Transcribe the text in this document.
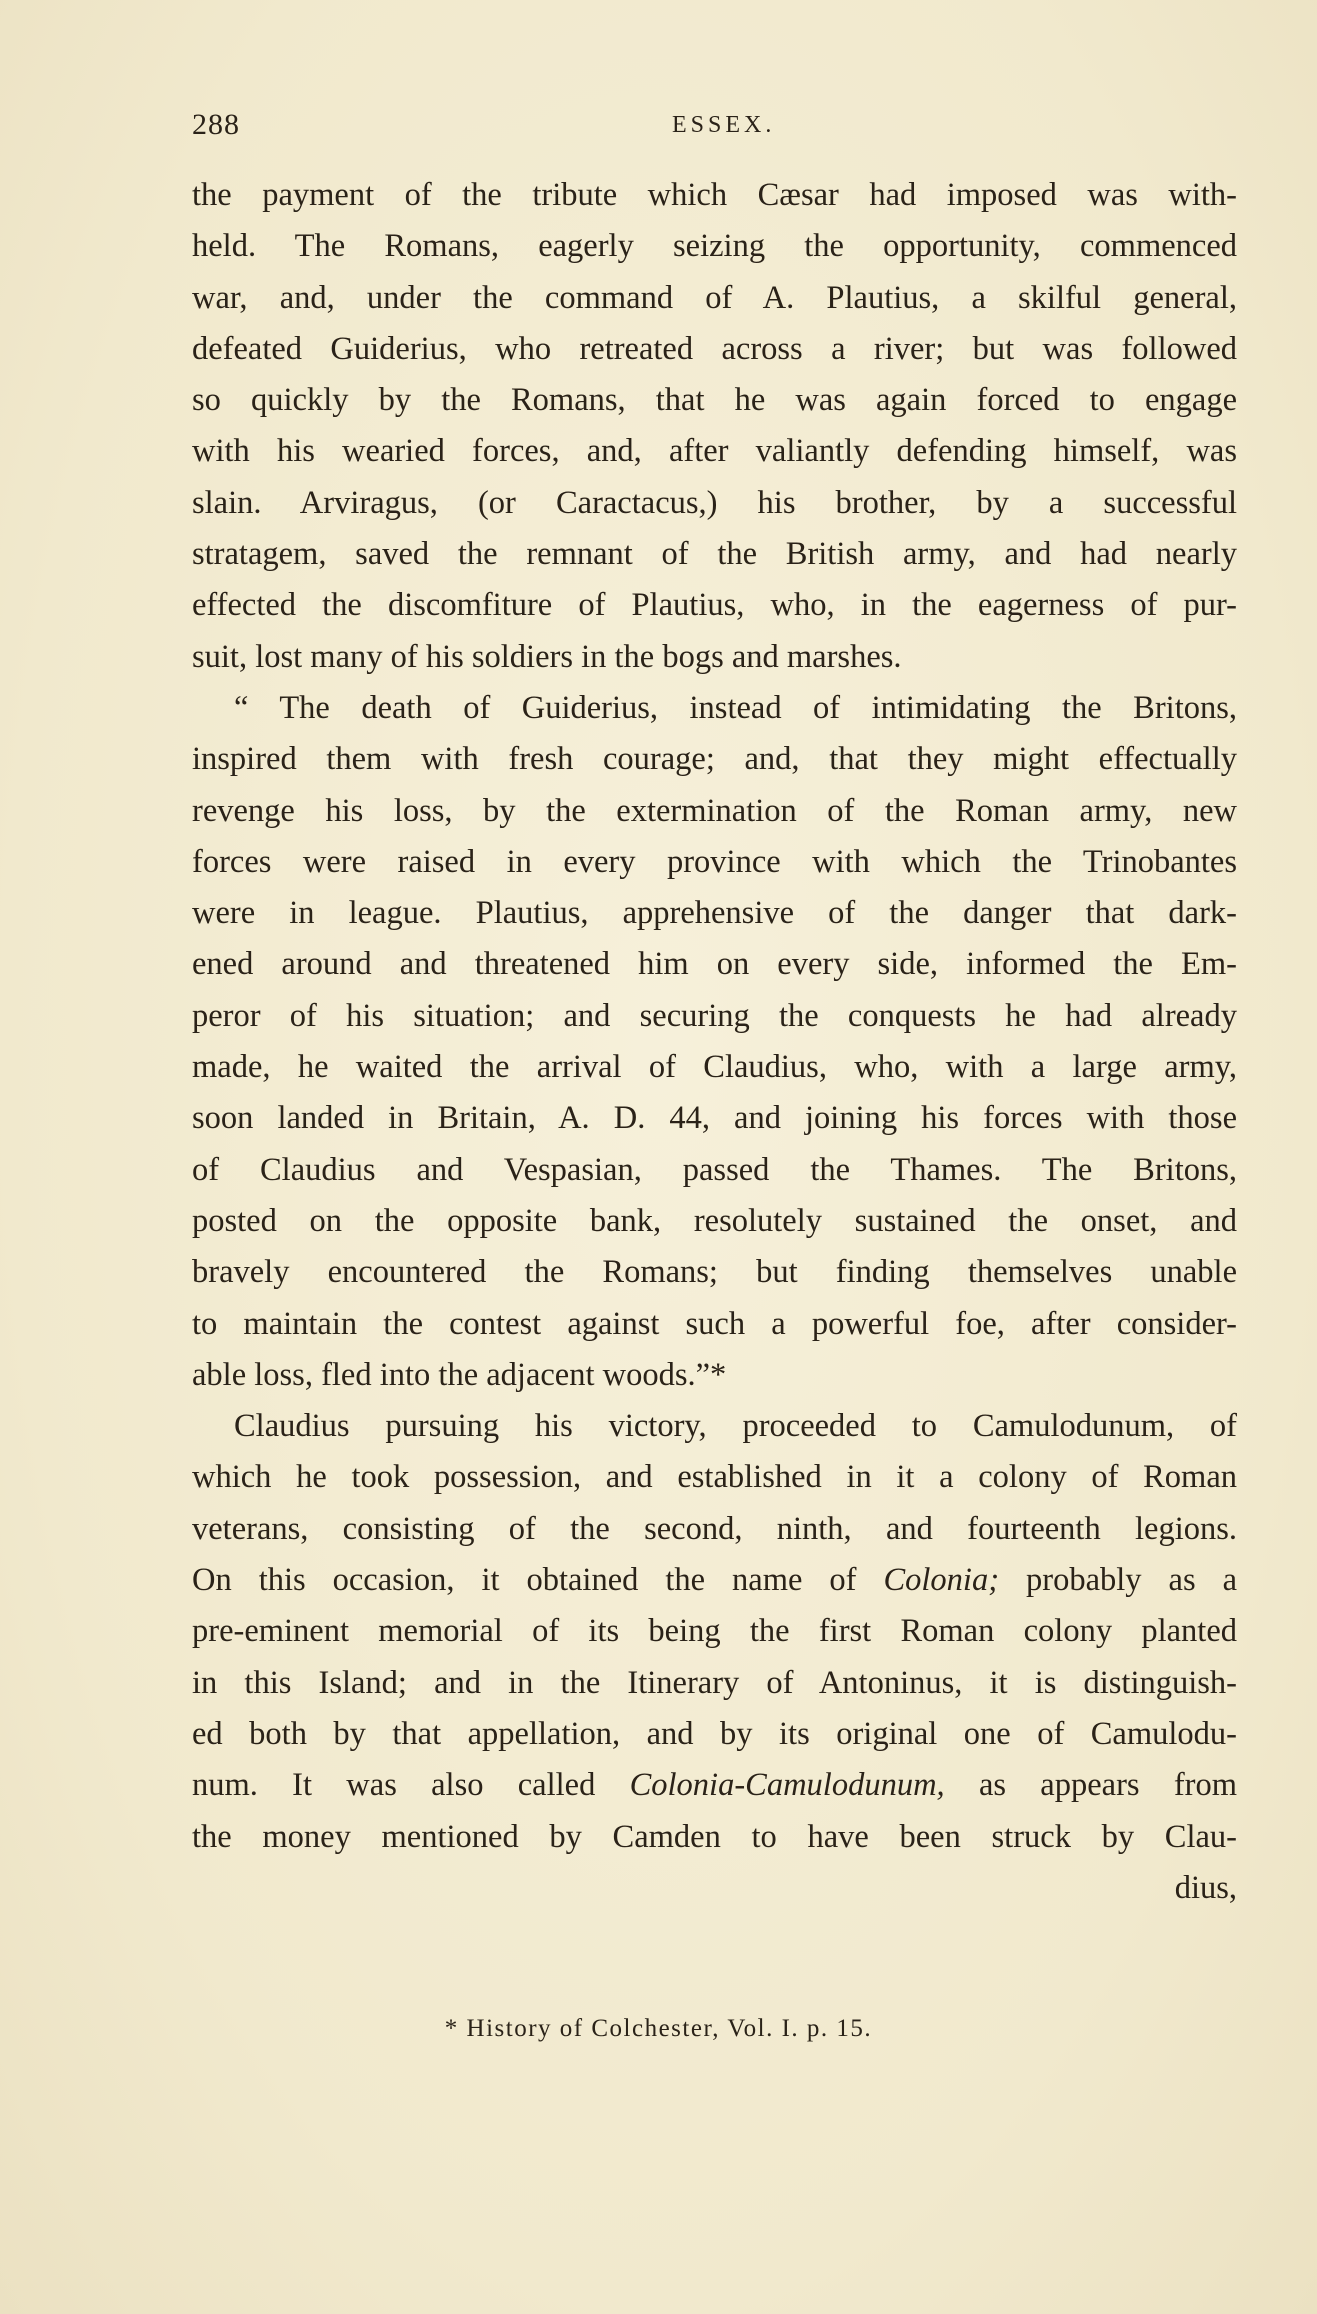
288	ESSEX.
the payment of the tribute which Cæsar had imposed was with-
held. The Romans, eagerly seizing the opportunity, commenced
war, and, under the command of A. Plautius, a skilful general,
defeated Guiderius, who retreated across a river; but was followed
so quickly by the Romans, that he was again forced to engage
with his wearied forces, and, after valiantly defending himself, was
slain. Arviragus, (or Caractacus,) his brother, by a successful
stratagem, saved the remnant of the British army, and had nearly
effected the discomfiture of Plautius, who, in the eagerness of pur-
suit, lost many of his soldiers in the bogs and marshes.
“ The death of Guiderius, instead of intimidating the Britons,
inspired them with fresh courage; and, that they might effectually
revenge his loss, by the extermination of the Roman army, new
forces were raised in every province with which the Trinobantes
were in league. Plautius, apprehensive of the danger that dark-
ened around and threatened him on every side, informed the Em-
peror of his situation; and securing the conquests he had already
made, he waited the arrival of Claudius, who, with a large army,
soon landed in Britain, A. D. 44, and joining his forces with those
of Claudius and Vespasian, passed the Thames. The Britons,
posted on the opposite bank, resolutely sustained the onset, and
bravely encountered the Romans; but finding themselves unable
to maintain the contest against such a powerful foe, after consider-
able loss, fled into the adjacent woods.”*
Claudius pursuing his victory, proceeded to Camulodunum, of
which he took possession, and established in it a colony of Roman
veterans, consisting of the second, ninth, and fourteenth legions.
On this occasion, it obtained the name of Colonia; probably as a
pre-eminent memorial of its being the first Roman colony planted
in this Island; and in the Itinerary of Antoninus, it is distinguish-
ed both by that appellation, and by its original one of Camulodu-
num. It was also called Colonia-Camulodunum, as appears from
the money mentioned by Camden to have been struck by Clau-
dius,
* History of Colchester, Vol. I. p. 15.
